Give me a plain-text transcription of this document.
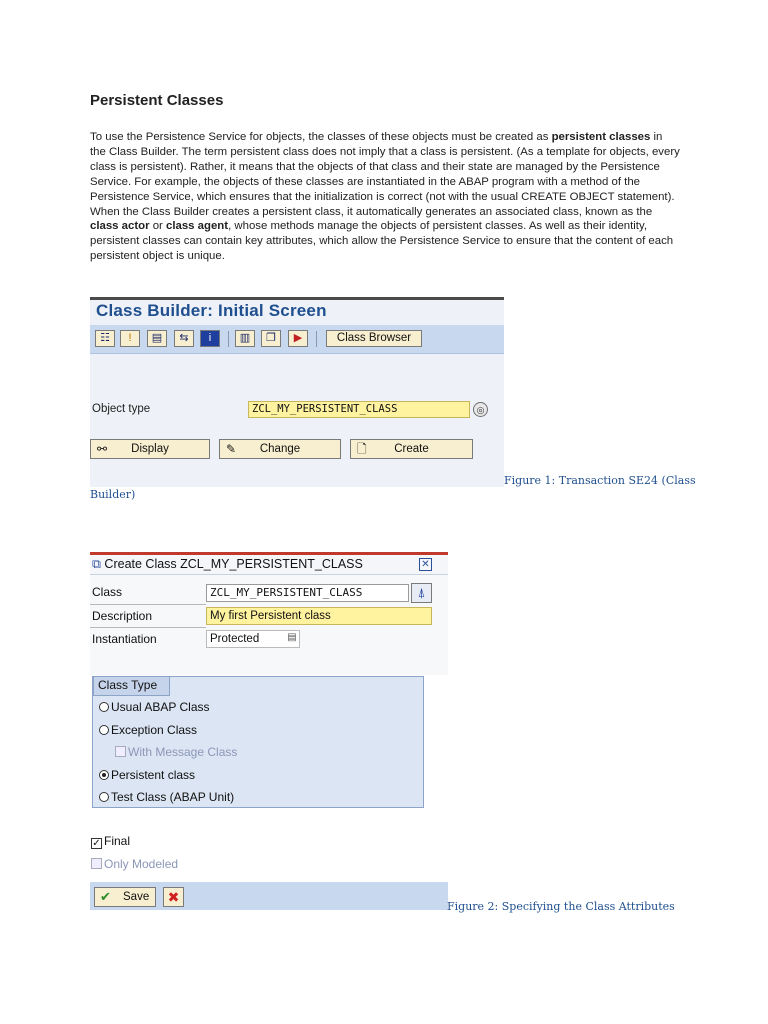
Persistent Classes
To use the Persistence Service for objects, the classes of these objects must be created as persistent classes in the Class Builder. The term persistent class does not imply that a class is persistent. (As a template for objects, every class is persistent). Rather, it means that the objects of that class and their state are managed by the Persistence Service. For example, the objects of these classes are instantiated in the ABAP program with a method of the Persistence Service, which ensures that the initialization is correct (not with the usual CREATE OBJECT statement). When the Class Builder creates a persistent class, it automatically generates an associated class, known as the class actor or class agent, whose methods manage the objects of persistent classes. As well as their identity, persistent classes can contain key attributes, which allow the Persistence Service to ensure that the content of each persistent object is unique.
Class Builder: Initial Screen
☷	!	▤	⇆	i	▥	❐	▶	Class Browser
Object type	ZCL_MY_PERSISTENT_CLASS	◎
⚯	Display	✎	Change	🗋	Create
Figure 1: Transaction SE24 (Class
Builder)
⧉ Create Class ZCL_MY_PERSISTENT_CLASS	✕
Class	ZCL_MY_PERSISTENT_CLASS	⍋
Description	My first Persistent class
Instantiation	Protected	▤
Class Type
Usual ABAP Class
Exception Class
With Message Class
Persistent class
Test Class (ABAP Unit)
✓ Final
Only Modeled
✔ Save	✖
Figure 2: Specifying the Class Attributes
